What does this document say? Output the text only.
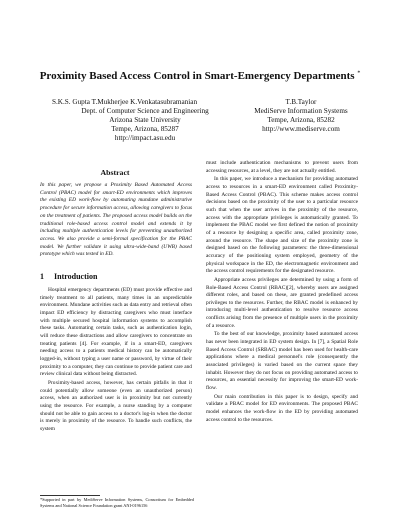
Proximity Based Access Control in Smart-Emergency Departments *
S.K.S. Gupta T.Mukherjee K.Venkatasubramanian
Dept. of Computer Science and Engineering
Arizona State University
Tempe, Arizona, 85287
http://impact.asu.edu
T.B.Taylor
MediServe Information Systems
Tempe, Arizona, 85282
http://www.mediserve.com
Abstract
In this paper, we propose a Proximity Based Automated Access Control (PBAC) model for smart-ED environments which improves the existing ED work-flow by automating mundane administrative procedure for secure information access, allowing caregivers to focus on the treatment of patients. The proposed access model builds on the traditional role-based access control model and extends it by including multiple authentication levels for preventing unauthorized access. We also provide a semi-formal specification for the PBAC model. We further validate it using ultra-wide-band (UWB) based prototype which was tested in ED.
1 Introduction

Hospital emergency departments (ED) must provide effective and timely treatment to all patients, many times in an unpredictable environment. Mundane activities such as data entry and retrieval often impact ED efficiency by distracting caregivers who must interface with multiple secured hospital information systems to accomplish these tasks. Automating certain tasks, such as authentication login, will reduce these distractions and allow caregivers to concentrate on treating patients [4]. For example, if in a smart-ED, caregivers needing access to a patients medical history can be automatically logged-in, without typing a user name or password, by virtue of their proximity to a computer, they can continue to provide patient care and review clinical data without being distracted.

Proximity-based access, however, has certain pitfalls in that it could potentially allow someone (even an unauthorized person) access, when an authorized user is in proximity but not currently using the resource. For example, a nurse standing by a computer should not be able to gain access to a doctor's log-in when the doctor is merely in proximity of the resource. To handle such conflicts, the system

must include authentication mechanisms to prevent users from accessing resources, at a level, they are not actually entitled.

In this paper, we introduce a mechanism for providing automated access to resources in a smart-ED environment called Proximity-Based Access Control (PBAC). This scheme makes access control decisions based on the proximity of the user to a particular resource such that when the user arrives in the proximity of the resource, access with the appropriate privileges is automatically granted. To implement the PBAC model we first defined the notion of proximity of a resource by designing a specific area, called proximity zone, around the resource. The shape and size of the proximity zone is designed based on the following parameters: the three-dimensional accuracy of the positioning system employed, geometry of the physical workspace in the ED, the electromagnetic environment and the access control requirements for the designated resource.

Appropriate access privileges are determined by using a form of Role-Based Access Control (RBAC)[2], whereby users are assigned different roles, and based on these, are granted predefined access privileges to the resources. Further, the RBAC model is enhanced by introducing multi-level authentication to resolve resource access conflicts arising from the presence of multiple users in the proximity of a resource.

To the best of our knowledge, proximity based automated access has never been integrated in ED system design. In [7], a Spatial Role Based Access Control (SRBAC) model has been used for health-care applications where a medical personnel's role (consequently the associated privileges) is varied based on the current space they inhabit. However they do not focus on providing automated access to resources, an essential necessity for improving the smart-ED work-flow.

Our main contribution in this paper is to design, specify and validate a PBAC model for ED environments. The proposed PBAC model enhances the work-flow in the ED by providing automated access control to the resources.

*Supported in part by MediServe Information Systems, Consortium for Embedded Systems and National Science Foundation grant ANI-0196156
